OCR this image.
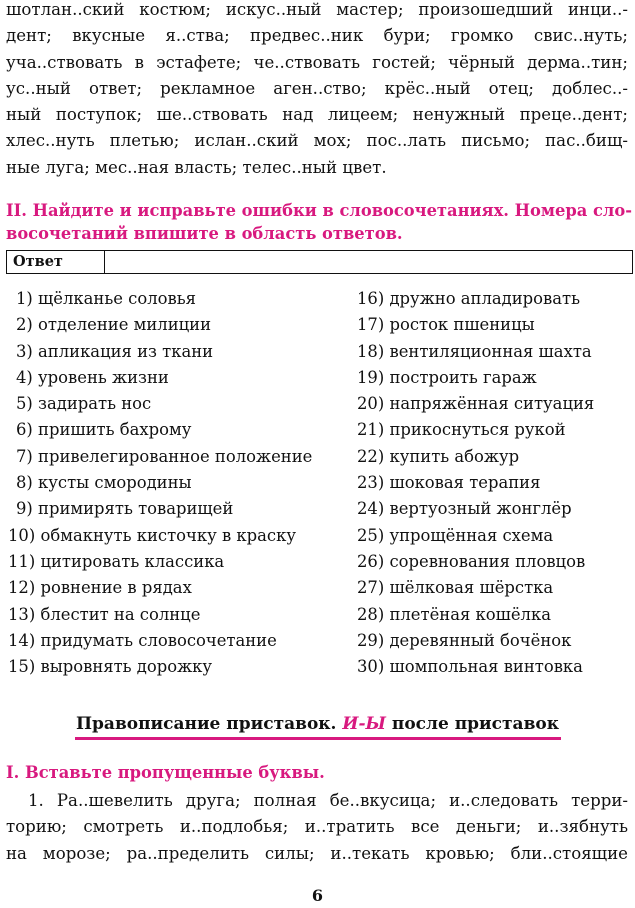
шотлан..ский костюм; искус..ный мастер; произошедший инци..-
дент; вкусные я..ства; предвес..ник бури; громко свис..нуть;
уча..ствовать в эстафете; че..ствовать гостей; чёрный дерма..тин;
ус..ный ответ; рекламное аген..ство; крёс..ный отец; доблес..-
ный поступок; ше..ствовать над лицеем; ненужный преце..дент;
хлес..нуть плетью; ислан..ский мох; пос..лать письмо; пас..бищ-
ные луга; мес..ная власть; телес..ный цвет.
II. Найдите и исправьте ошибки в словосочетаниях. Номера сло-
восочетаний впишите в область ответов.
Ответ
1) щёлканье соловья
2) отделение милиции
3) апликация из ткани
4) уровень жизни
5) задирать нос
6) пришить бахрому
7) привелегированное положение
8) кусты смородины
9) примирять товарищей
10) обмакнуть кисточку в краску
11) цитировать классика
12) ровнение в рядах
13) блестит на солнце
14) придумать словосочетание
15) выровнять дорожку
16) дружно апладировать
17) росток пшеницы
18) вентиляционная шахта
19) построить гараж
20) напряжённая ситуация
21) прикоснуться рукой
22) купить абожур
23) шоковая терапия
24) вертуозный жонглёр
25) упрощённая схема
26) соревнования пловцов
27) шёлковая шёрстка
28) плетёная кошёлка
29) деревянный бочёнок
30) шомпольная винтовка
Правописание приставок. И-Ы после приставок
I. Вставьте пропущенные буквы.
1. Ра..шевелить друга; полная бе..вкусица; и..следовать терри-
торию; смотреть и..подлобья; и..тратить все деньги; и..зябнуть
на морозе; ра..пределить силы; и..текать кровью; бли..стоящие
6
